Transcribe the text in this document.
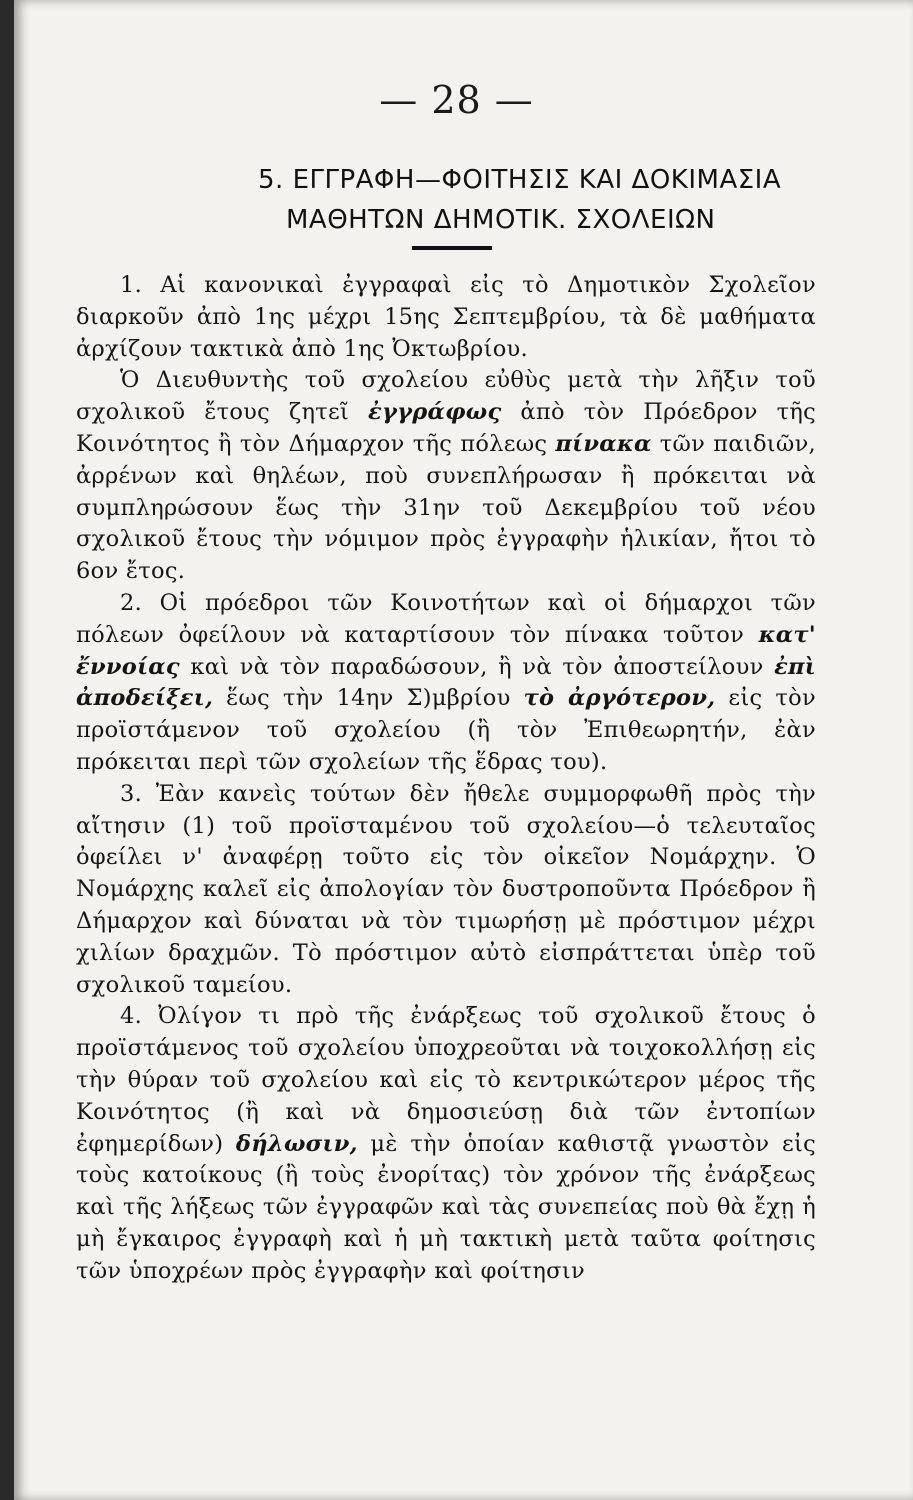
— 28 —
5. ΕΓΓΡΑΦΗ—ΦΟΙΤΗΣΙΣ ΚΑΙ ΔΟΚΙΜΑΣΙΑ
ΜΑΘΗΤΩΝ ΔΗΜΟΤΙΚ. ΣΧΟΛΕΙΩΝ

1. Αἱ κανονικαὶ ἐγγραφαὶ εἰς τὸ Δημοτικὸν Σχολεῖον διαρκοῦν ἀπὸ 1ης μέχρι 15ης Σεπτεμβρίου, τὰ δὲ μαθήματα ἀρχίζουν τακτικὰ ἀπὸ 1ης Ὀκτωβρίου.

Ὁ Διευθυντὴς τοῦ σχολείου εὐθὺς μετὰ τὴν λῆξιν τοῦ σχολικοῦ ἔτους ζητεῖ ἐγγράφως ἀπὸ τὸν Πρόεδρον τῆς Κοινότητος ἢ τὸν Δήμαρχον τῆς πόλεως πίνακα τῶν παιδιῶν, ἀρρένων καὶ θηλέων, ποὺ συνεπλήρωσαν ἢ πρόκειται νὰ συμπληρώσουν ἕως τὴν 31ην τοῦ Δεκεμβρίου τοῦ νέου σχολικοῦ ἔτους τὴν νόμιμον πρὸς ἐγγραφὴν ἡλικίαν, ἤτοι τὸ 6ον ἔτος.

2. Οἱ πρόεδροι τῶν Κοινοτήτων καὶ οἱ δήμαρχοι τῶν πόλεων ὀφείλουν νὰ καταρτίσουν τὸν πίνακα τοῦτον κατ' ἔννοίας καὶ νὰ τὸν παραδώσουν, ἢ νὰ τὸν ἀποστείλουν ἐπὶ ἀποδείξει, ἕως τὴν 14ην Σ)μβρίου τὸ ἀργότερον, εἰς τὸν προϊστάμενον τοῦ σχολείου (ἢ τὸν Ἐπιθεωρητήν, ἐὰν πρόκειται περὶ τῶν σχολείων τῆς ἕδρας του).

3. Ἐὰν κανεὶς τούτων δὲν ἤθελε συμμορφωθῆ πρὸς τὴν αἴτησιν (1) τοῦ προϊσταμένου τοῦ σχολείου—ὁ τελευταῖος ὀφείλει ν' ἀναφέρῃ τοῦτο εἰς τὸν οἰκεῖον Νομάρχην. Ὁ Νομάρχης καλεῖ εἰς ἀπολογίαν τὸν δυστροποῦντα Πρόεδρον ἢ Δήμαρχον καὶ δύναται νὰ τὸν τιμωρήσῃ μὲ πρόστιμον μέχρι χιλίων δραχμῶν. Τὸ πρόστιμον αὐτὸ εἰσπράττεται ὑπὲρ τοῦ σχολικοῦ ταμείου.

4. Ὀλίγον τι πρὸ τῆς ἐνάρξεως τοῦ σχολικοῦ ἔτους ὁ προϊστάμενος τοῦ σχολείου ὑποχρεοῦται νὰ τοιχοκολλήσῃ εἰς τὴν θύραν τοῦ σχολείου καὶ εἰς τὸ κεντρικώτερον μέρος τῆς Κοινότητος (ἢ καὶ νὰ δημοσιεύσῃ διὰ τῶν ἐντοπίων ἐφημερίδων) δήλωσιν, μὲ τὴν ὁποίαν καθιστᾷ γνωστὸν εἰς τοὺς κατοίκους (ἢ τοὺς ἐνορίτας) τὸν χρόνον τῆς ἐνάρξεως καὶ τῆς λήξεως τῶν ἐγγραφῶν καὶ τὰς συνεπείας ποὺ θὰ ἔχῃ ἡ μὴ ἔγκαιρος ἐγγραφὴ καὶ ἡ μὴ τακτικὴ μετὰ ταῦτα φοίτησις τῶν ὑποχρέων πρὸς ἐγγραφὴν καὶ φοίτησιν
